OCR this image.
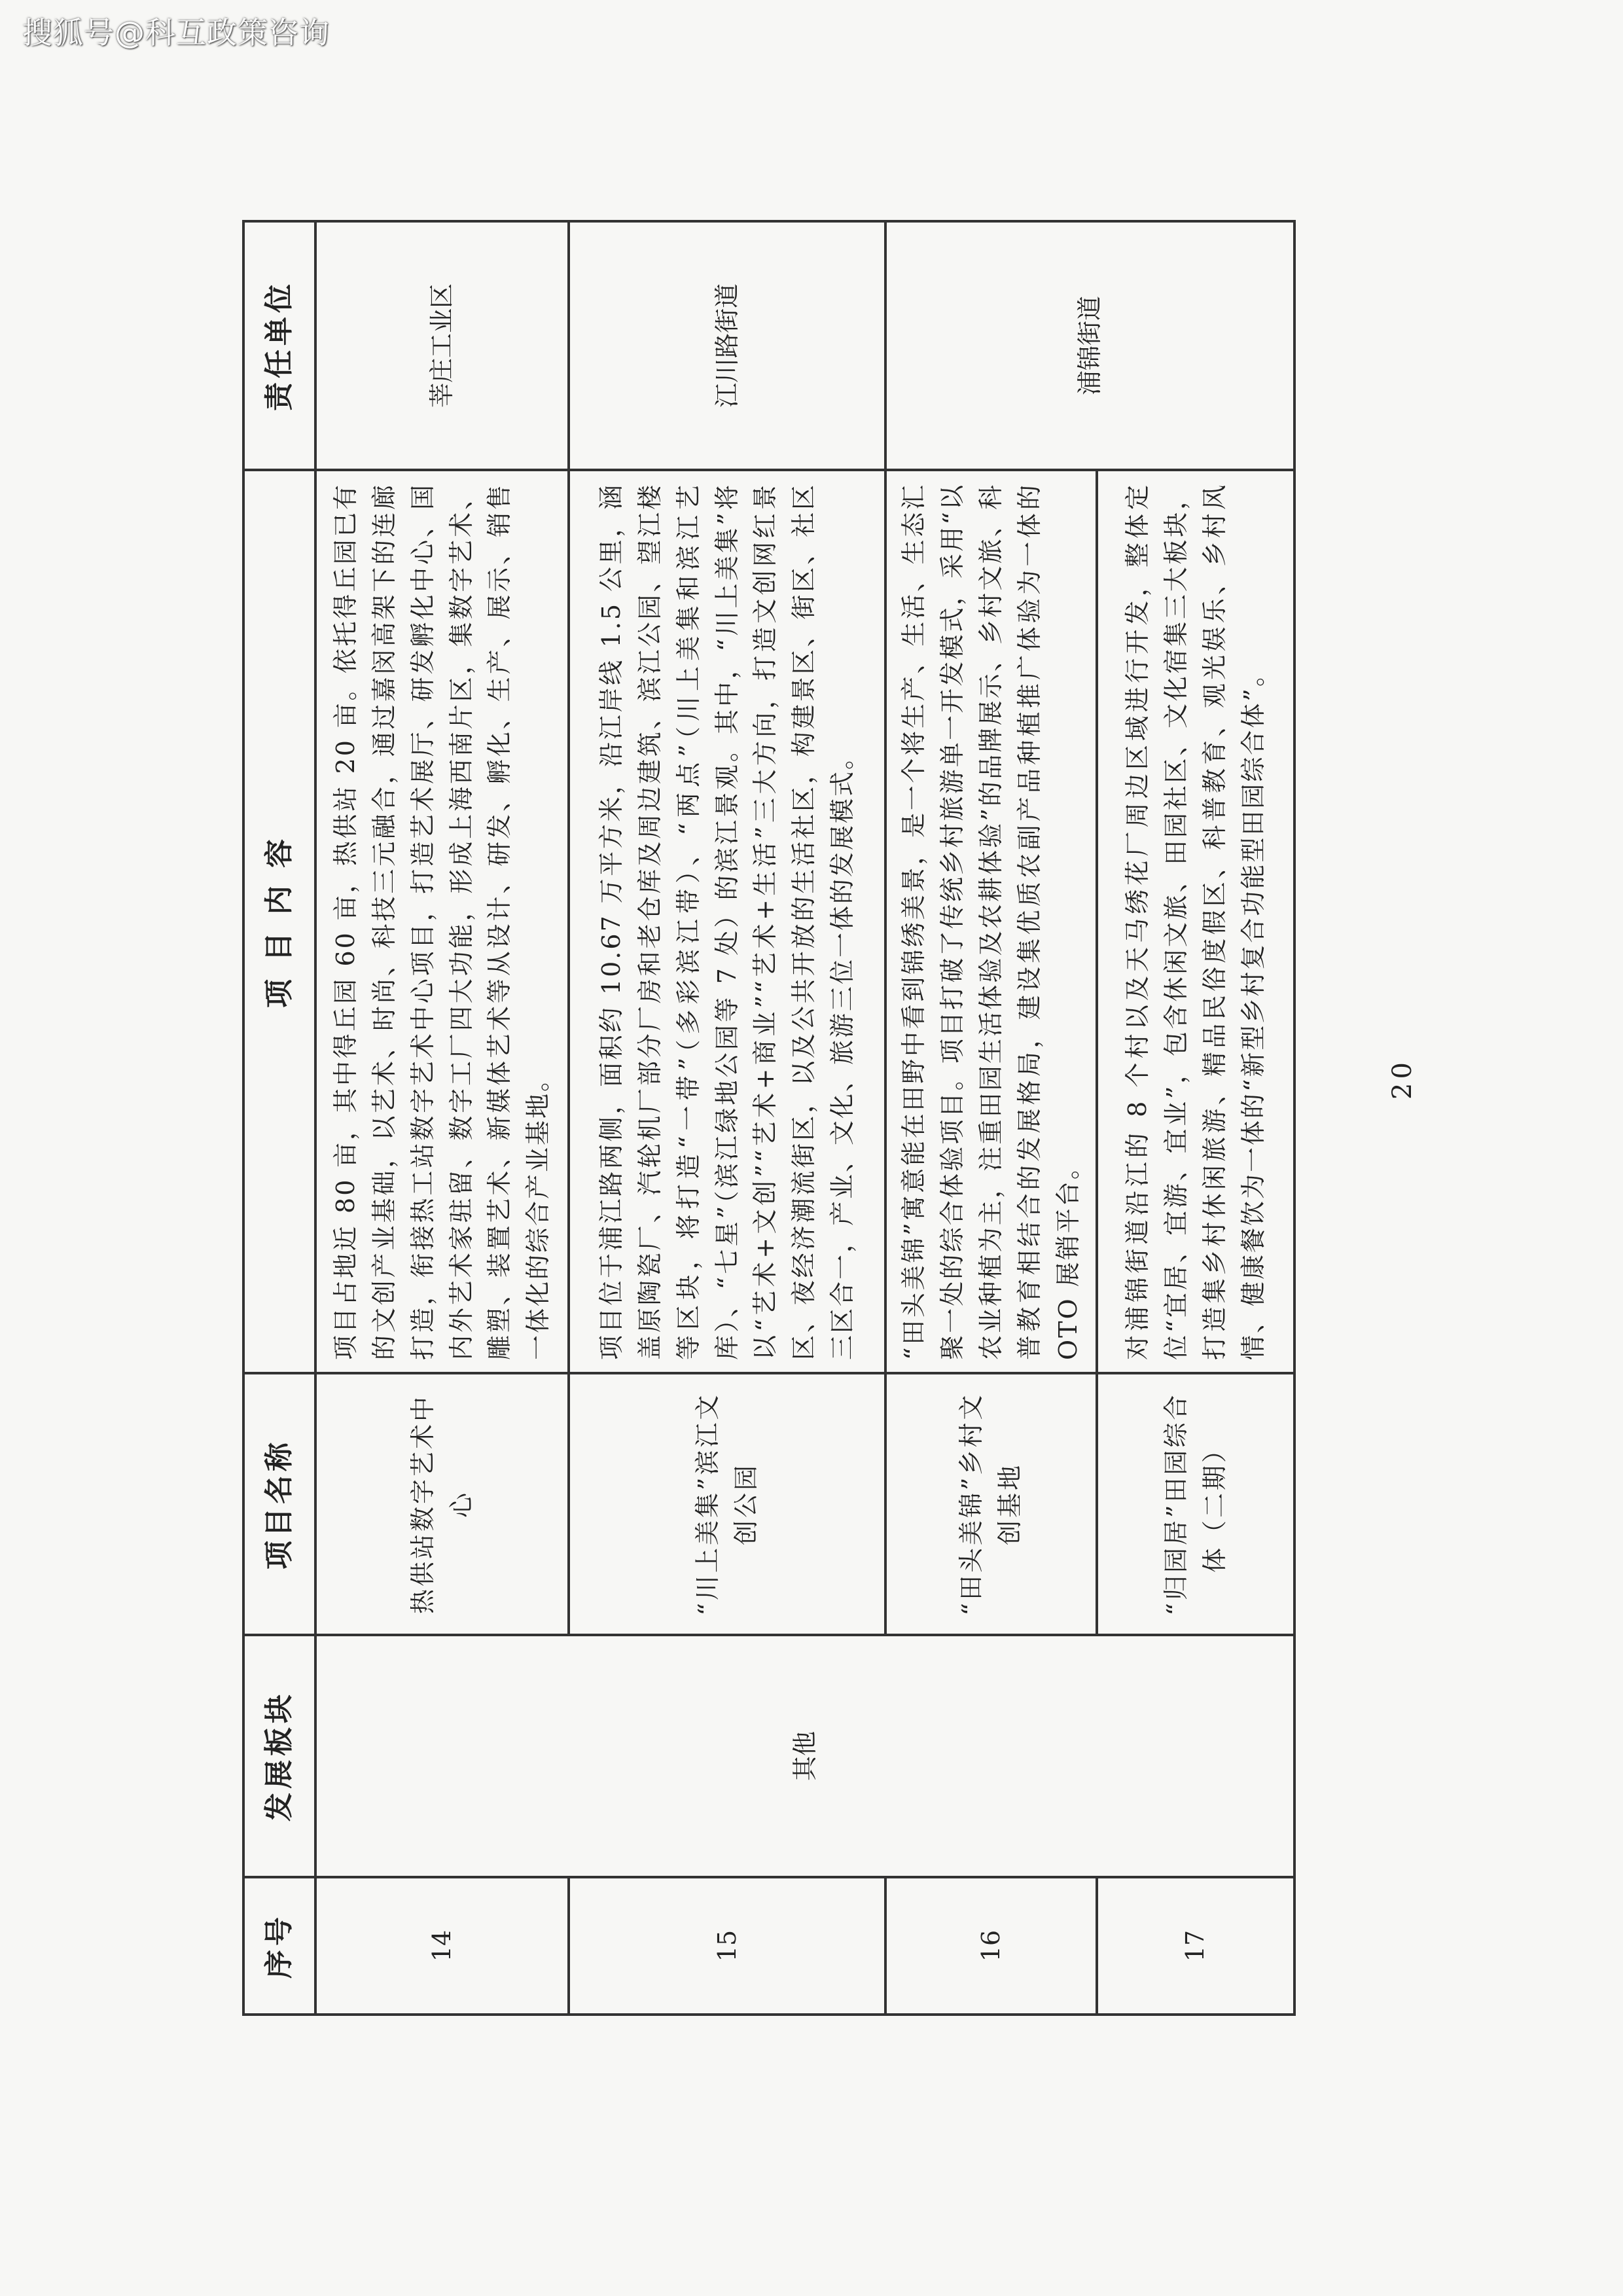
搜狐号@科互政策咨询
序号	发展板块	项目名称	项 目 内 容	责任单位
14	其他	热供站数字艺术中心	项目占地近 80 亩，其中得丘园 60 亩，热供站 20 亩。依托得丘园已有的文创产业基础，以艺术、时尚、科技三元融合，通过嘉闵高架下的连廊打造，衔接热工站数字艺术中心项目，打造艺术展厅、研发孵化中心、国内外艺术家驻留、数字工厂四大功能，形成上海西南片区，集数字艺术、雕塑、装置艺术、新媒体艺术等从设计、研发、孵化、生产、展示、销售一体化的综合产业基地。	莘庄工业区
15		“川上美集”滨江文创公园	项目位于浦江路两侧，面积约 10.67 万平方米，沿江岸线 1.5 公里，涵盖原陶瓷厂、汽轮机厂部分厂房和老仓库及周边建筑、滨江公园、望江楼等区块，将打造“一带”（多彩滨江带）、“两点”（川上美集和滨江艺库）、“七星”（滨江绿地公园等 7 处）的滨江景观。其中，“川上美集”将以“艺术+文创”“艺术+商业”“艺术+生活”三大方向，打造文创网红景区、夜经济潮流街区，以及公共开放的生活社区，构建景区、街区、社区三区合一，产业、文化、旅游三位一体的发展模式。	江川路街道
16		“田头美锦”乡村文创基地	“田头美锦”寓意能在田野中看到锦绣美景，是一个将生产、生活、生态汇聚一处的综合体验项目。项目打破了传统乡村旅游单一开发模式，采用“以农业种植为主，注重田园生活体验及农耕体验”的品牌展示、乡村文旅、科普教育相结合的发展格局，建设集优质农副产品种植推广体验为一体的 OTO 展销平台。	浦锦街道
17		“归园居”田园综合体（二期）	对浦锦街道沿江的 8 个村以及天马绣花厂周边区域进行开发，整体定位“宜居、宜游、宜业”，包含休闲文旅、田园社区、文化宿集三大板块，打造集乡村休闲旅游、精品民俗度假区、科普教育、观光娱乐、乡村风情、健康餐饮为一体的“新型乡村复合功能型田园综合体”。		20
